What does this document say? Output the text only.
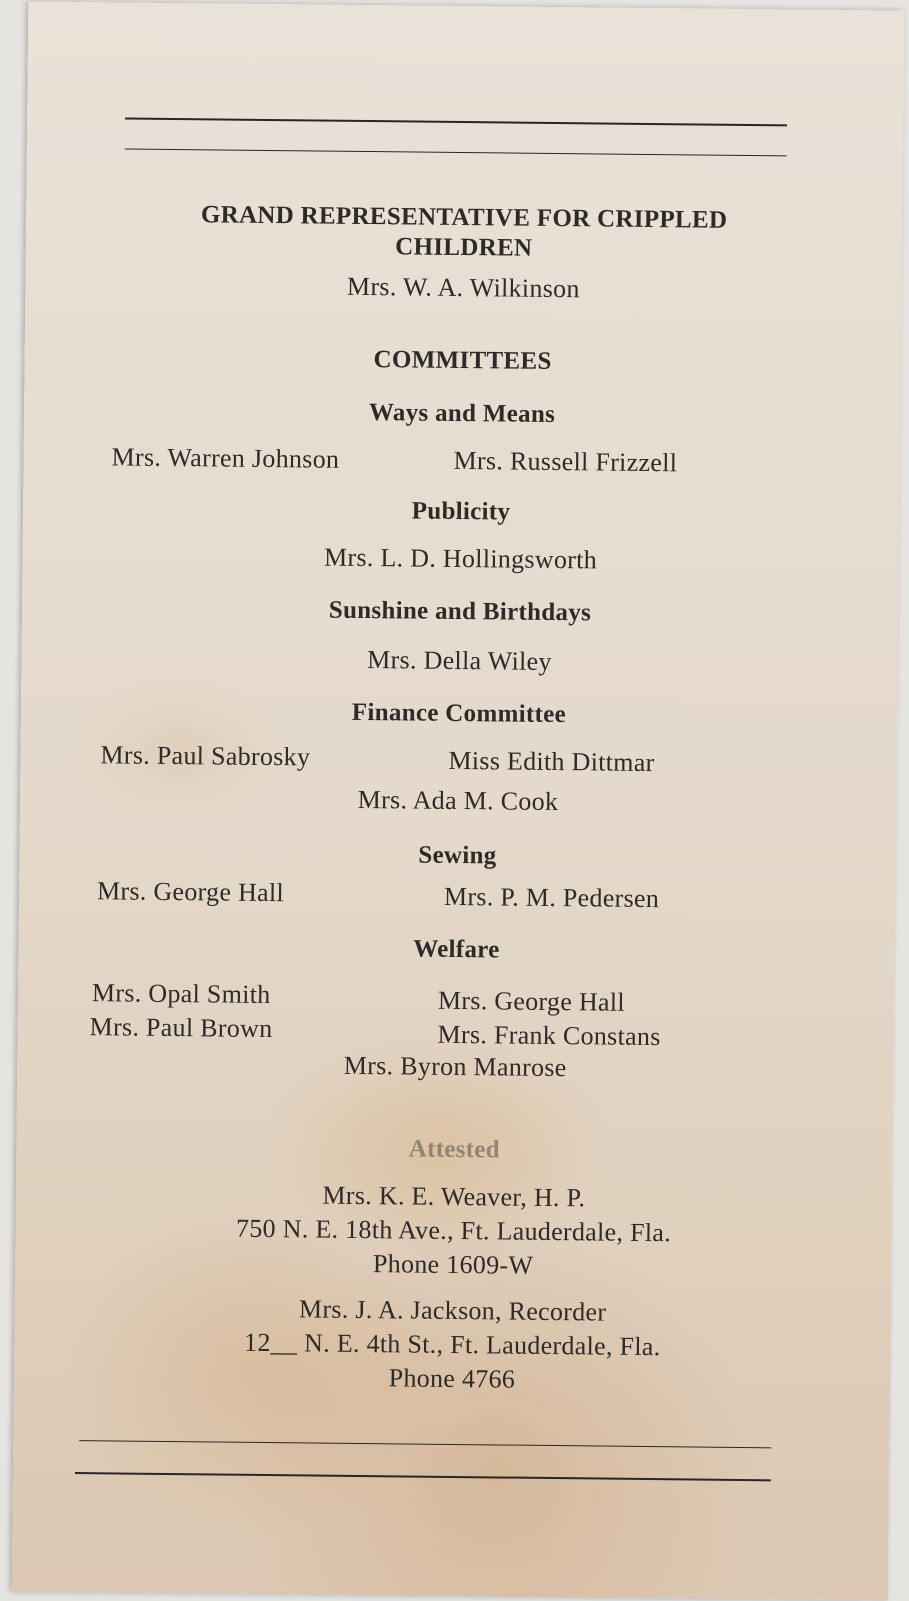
GRAND REPRESENTATIVE FOR CRIPPLED
CHILDREN
Mrs. W. A. Wilkinson
COMMITTEES
Ways and Means
Mrs. Warren Johnson	Mrs. Russell Frizzell
Publicity
Mrs. L. D. Hollingsworth
Sunshine and Birthdays
Mrs. Della Wiley
Finance Committee
Mrs. Paul Sabrosky	Miss Edith Dittmar
Mrs. Ada M. Cook
Sewing
Mrs. George Hall	Mrs. P. M. Pedersen
Welfare
Mrs. Opal Smith	Mrs. George Hall
Mrs. Paul Brown	Mrs. Frank Constans
Mrs. Byron Manrose
Attested
Mrs. K. E. Weaver, H. P.
750 N. E. 18th Ave., Ft. Lauderdale, Fla.
Phone 1609-W
Mrs. J. A. Jackson, Recorder
12__ N. E. 4th St., Ft. Lauderdale, Fla.
Phone 4766
